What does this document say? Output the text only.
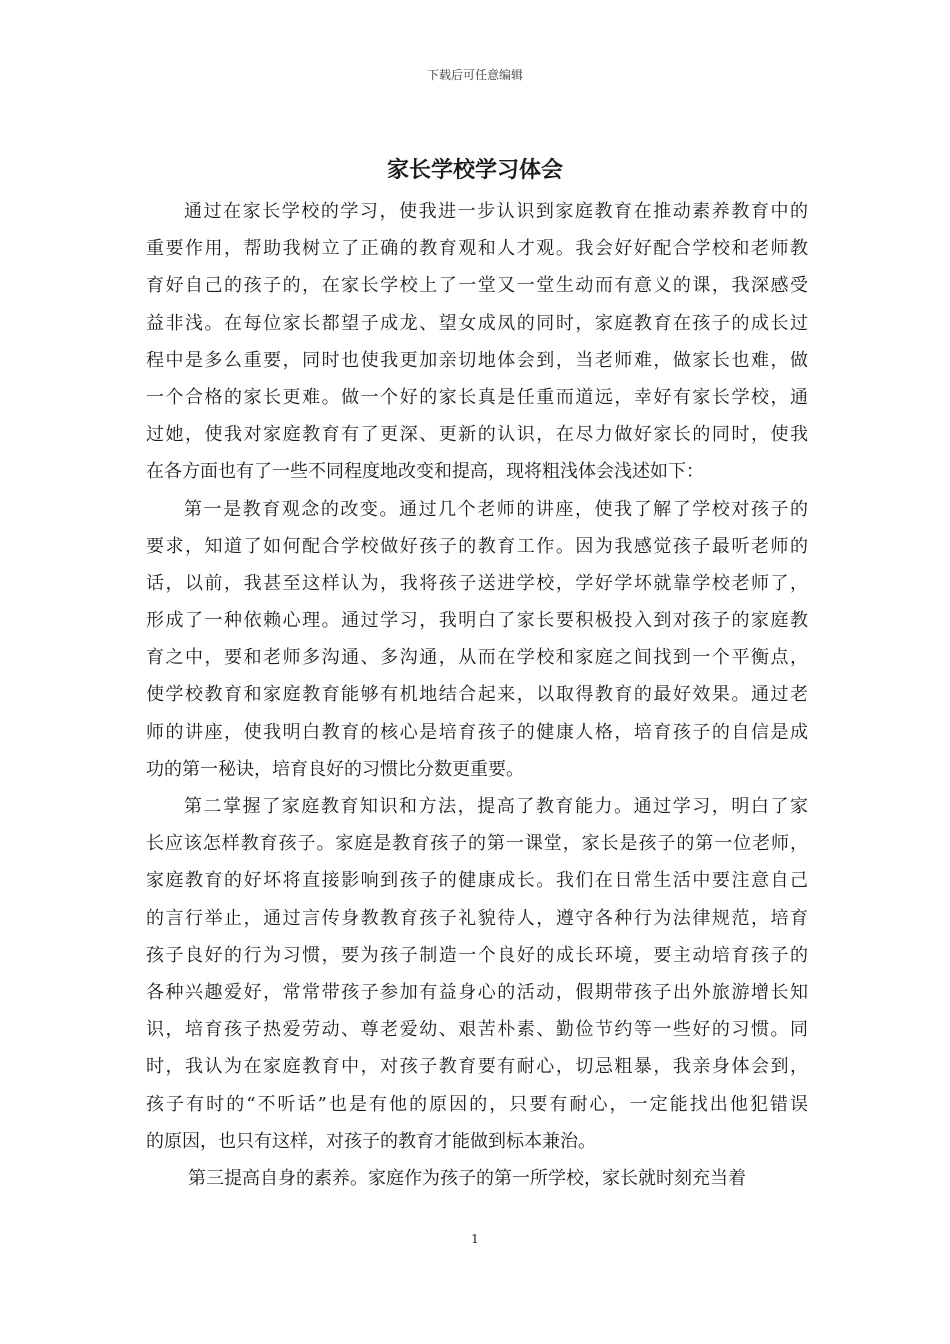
下载后可任意编辑
家长学校学习体会
通过在家长学校的学习，使我进一步认识到家庭教育在推动素养教育中的
重要作用，帮助我树立了正确的教育观和人才观。我会好好配合学校和老师教
育好自己的孩子的，在家长学校上了一堂又一堂生动而有意义的课，我深感受
益非浅。在每位家长都望子成龙、望女成凤的同时，家庭教育在孩子的成长过
程中是多么重要，同时也使我更加亲切地体会到，当老师难，做家长也难，做
一个合格的家长更难。做一个好的家长真是任重而道远，幸好有家长学校，通
过她，使我对家庭教育有了更深、更新的认识，在尽力做好家长的同时，使我
在各方面也有了一些不同程度地改变和提高，现将粗浅体会浅述如下：
第一是教育观念的改变。通过几个老师的讲座，使我了解了学校对孩子的
要求，知道了如何配合学校做好孩子的教育工作。因为我感觉孩子最听老师的
话，以前，我甚至这样认为，我将孩子送进学校，学好学坏就靠学校老师了，
形成了一种依赖心理。通过学习，我明白了家长要积极投入到对孩子的家庭教
育之中，要和老师多沟通、多沟通，从而在学校和家庭之间找到一个平衡点，
使学校教育和家庭教育能够有机地结合起来，以取得教育的最好效果。通过老
师的讲座，使我明白教育的核心是培育孩子的健康人格，培育孩子的自信是成
功的第一秘诀，培育良好的习惯比分数更重要。
第二掌握了家庭教育知识和方法，提高了教育能力。通过学习，明白了家
长应该怎样教育孩子。家庭是教育孩子的第一课堂，家长是孩子的第一位老师，
家庭教育的好坏将直接影响到孩子的健康成长。我们在日常生活中要注意自己
的言行举止，通过言传身教教育孩子礼貌待人，遵守各种行为法律规范，培育
孩子良好的行为习惯，要为孩子制造一个良好的成长环境，要主动培育孩子的
各种兴趣爱好，常常带孩子参加有益身心的活动，假期带孩子出外旅游增长知
识，培育孩子热爱劳动、尊老爱幼、艰苦朴素、勤俭节约等一些好的习惯。同
时，我认为在家庭教育中，对孩子教育要有耐心，切忌粗暴，我亲身体会到，
孩子有时的“不听话”也是有他的原因的，只要有耐心，一定能找出他犯错误
的原因，也只有这样，对孩子的教育才能做到标本兼治。
第三提高自身的素养。家庭作为孩子的第一所学校，家长就时刻充当着
1
